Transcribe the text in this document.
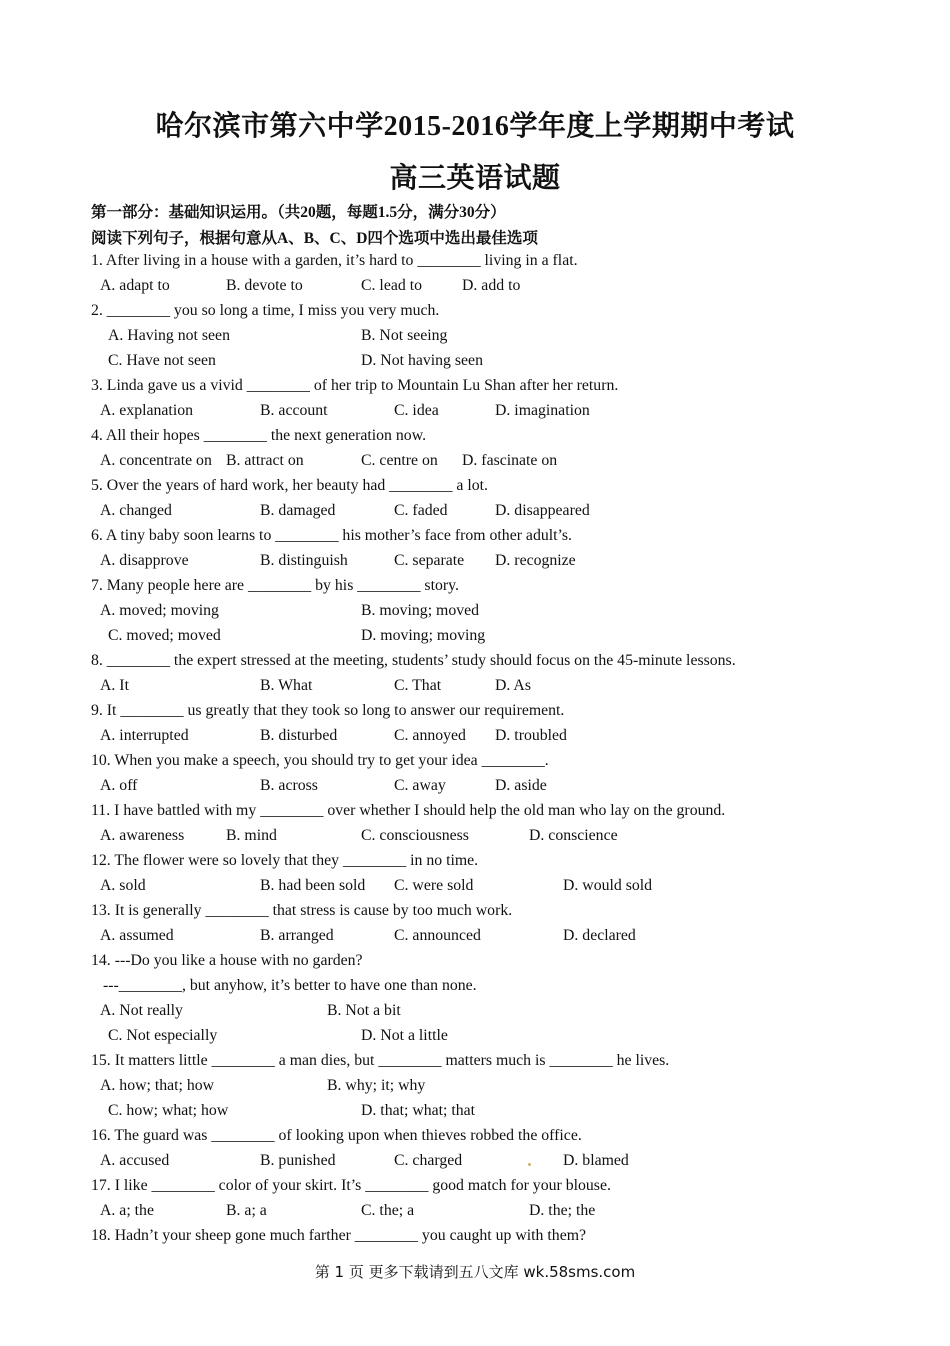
哈尔滨市第六中学2015-2016学年度上学期期中考试
高三英语试题
第一部分：基础知识运用。（共20题，每题1.5分，满分30分）
阅读下列句子，根据句意从A、B、C、D四个选项中选出最佳选项
1. After living in a house with a garden, it’s hard to ________ living in a flat.
A. adapt to	B. devote to	C. lead to	D. add to
2. ________ you so long a time, I miss you very much.
A. Having not seen	B. Not seeing
C. Have not seen	D. Not having seen
3. Linda gave us a vivid ________ of her trip to Mountain Lu Shan after her return.
A. explanation	B. account	C. idea	D. imagination
4. All their hopes ________ the next generation now.
A. concentrate on B. attract on	C. centre on D. fascinate on
5. Over the years of hard work, her beauty had ________ a lot.
A. changed	B. damaged	C. faded	D. disappeared
6. A tiny baby soon learns to ________ his mother’s face from other adult’s.
A. disapprove	B. distinguish	C. separate D. recognize
7. Many people here are ________ by his ________ story.
A. moved; moving	B. moving; moved
C. moved; moved	D. moving; moving
8. ________ the expert stressed at the meeting, students’ study should focus on the 45-minute lessons.
A. It	B. What	C. That	D. As
9. It ________ us greatly that they took so long to answer our requirement.
A. interrupted	B. disturbed	C. annoyed D. troubled
10. When you make a speech, you should try to get your idea ________.
A. off	B. across	C. away	D. aside
11. I have battled with my ________ over whether I should help the old man who lay on the ground.
A. awareness	B. mind	C. consciousness	D. conscience
12. The flower were so lovely that they ________ in no time.
A. sold	B. had been sold C. were sold	D. would sold
13. It is generally ________ that stress is cause by too much work.
A. assumed	B. arranged	C. announced	D. declared
14. ---Do you like a house with no garden?
---________, but anyhow, it’s better to have one than none.
A. Not really	B. Not a bit
C. Not especially	D. Not a little
15. It matters little ________ a man dies, but ________ matters much is ________ he lives.
A. how; that; how	B. why; it; why
C. how; what; how	D. that; what; that
16. The guard was ________ of looking upon when thieves robbed the office.
A. accused	B. punished	C. charged	D. blamed
17. I like ________ color of your skirt. It’s ________ good match for your blouse.
A. a; the	B. a; a	C. the; a	D. the; the
18. Hadn’t your sheep gone much farther ________ you caught up with them?
第 1 页 更多下载请到五八文库 wk.58sms.com
